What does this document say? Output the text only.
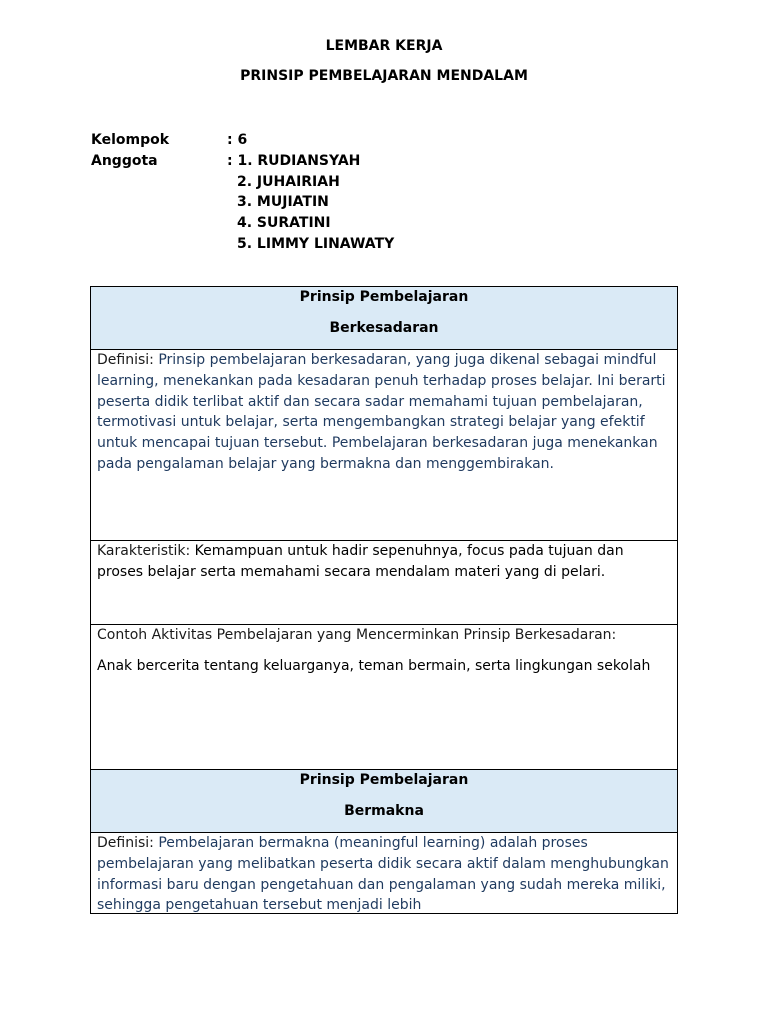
LEMBAR KERJA
PRINSIP PEMBELAJARAN MENDALAM
Kelompok	: 6
Anggota	: 1. RUDIANSYAH
2. JUHAIRIAH
3. MUJIATIN
4. SURATINI
5. LIMMY LINAWATY
Prinsip Pembelajaran
Berkesadaran
Definisi: Prinsip pembelajaran berkesadaran, yang juga dikenal sebagai mindful learning, menekankan pada kesadaran penuh terhadap proses belajar. Ini berarti peserta didik terlibat aktif dan secara sadar memahami tujuan pembelajaran, termotivasi untuk belajar, serta mengembangkan strategi belajar yang efektif untuk mencapai tujuan tersebut. Pembelajaran berkesadaran juga menekankan pada pengalaman belajar yang bermakna dan menggembirakan.
Karakteristik: Kemampuan untuk hadir sepenuhnya, focus pada tujuan dan proses belajar serta memahami secara mendalam materi yang di pelari.
Contoh Aktivitas Pembelajaran yang Mencerminkan Prinsip Berkesadaran:
Anak bercerita tentang keluarganya, teman bermain, serta lingkungan sekolah
Prinsip Pembelajaran
Bermakna
Definisi: Pembelajaran bermakna (meaningful learning) adalah proses pembelajaran yang melibatkan peserta didik secara aktif dalam menghubungkan informasi baru dengan pengetahuan dan pengalaman yang sudah mereka miliki, sehingga pengetahuan tersebut menjadi lebih
